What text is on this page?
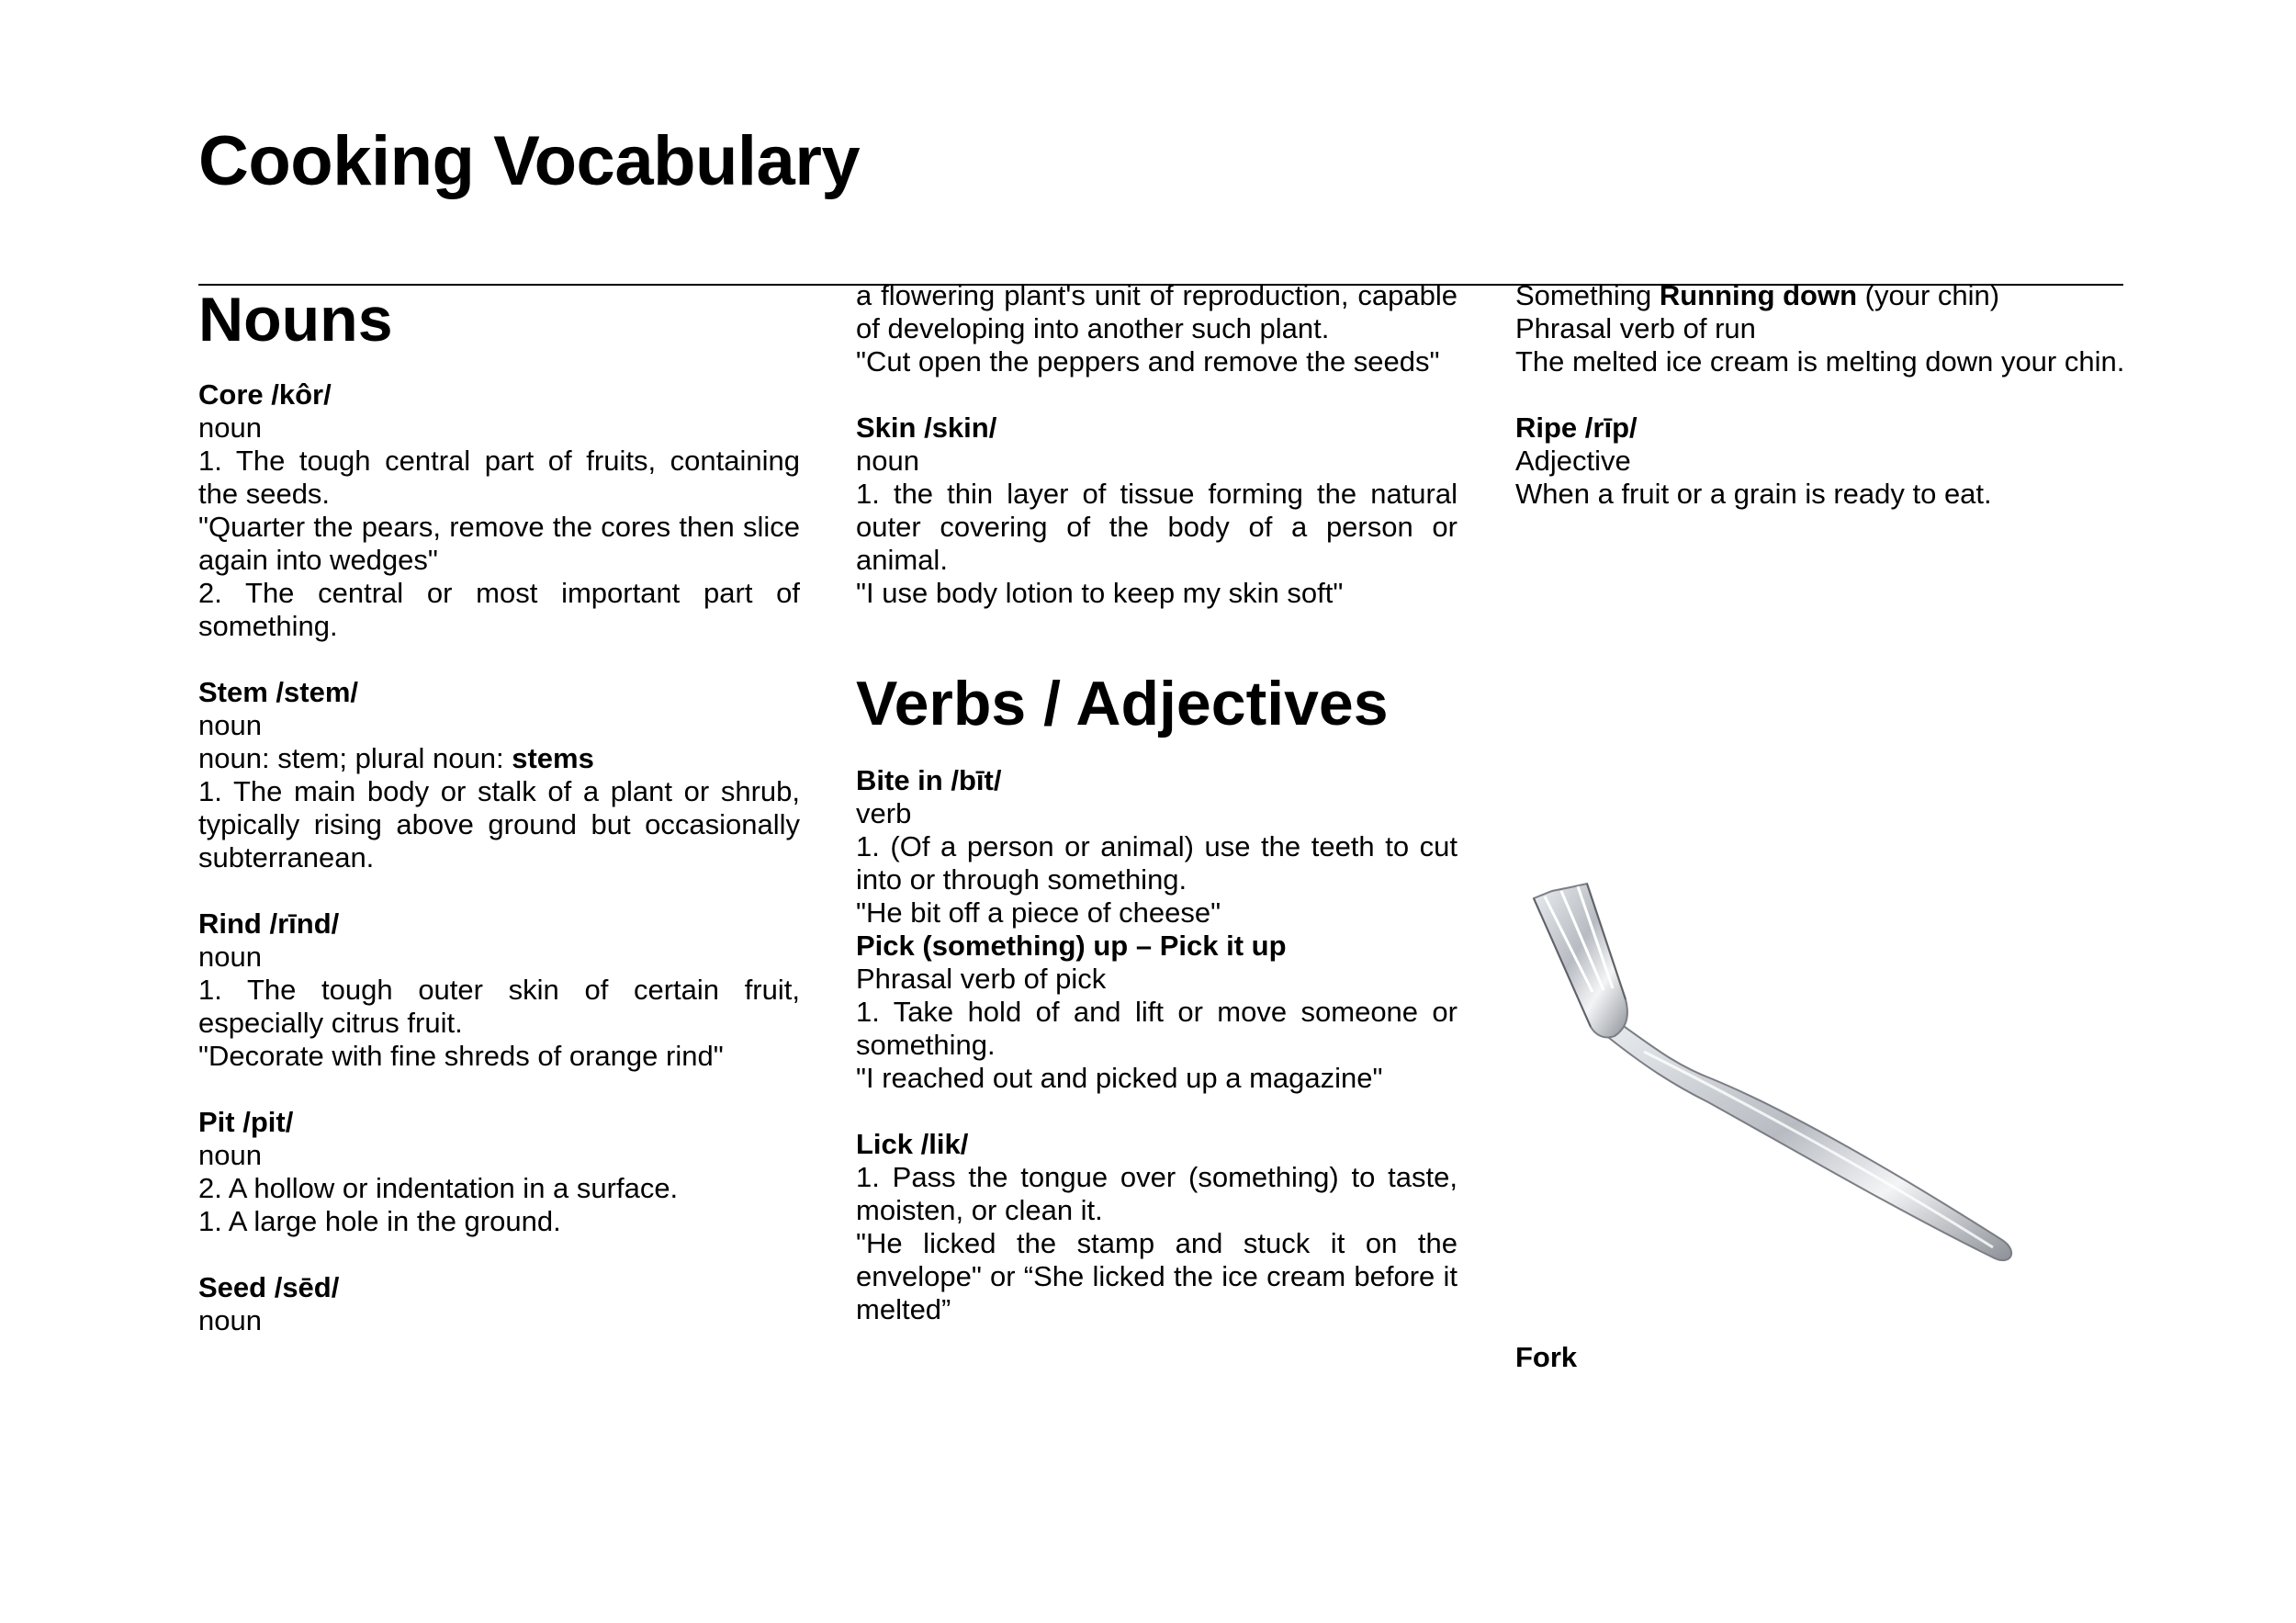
Cooking Vocabulary
Nouns

Core /kôr/

noun

1. The tough central part of fruits, containing the seeds.

"Quarter the pears, remove the cores then slice again into wedges"

2. The central or most important part of something.

Stem /stem/

noun

noun: stem; plural noun: stems

1. The main body or stalk of a plant or shrub, typically rising above ground but occasionally subterranean.

Rind /rīnd/

noun

1. The tough outer skin of certain fruit, especially citrus fruit.

"Decorate with fine shreds of orange rind"

Pit /pit/

noun

2. A hollow or indentation in a surface.

1. A large hole in the ground.

Seed /sēd/

noun

a flowering plant's unit of reproduction, capable of developing into another such plant.

"Cut open the peppers and remove the seeds"

Skin /skin/

noun

1. the thin layer of tissue forming the natural outer covering of the body of a person or animal.

"I use body lotion to keep my skin soft"

Verbs / Adjectives

Bite in /bīt/

verb

1. (Of a person or animal) use the teeth to cut into or through something.

"He bit off a piece of cheese"

Pick (something) up – Pick it up

Phrasal verb of pick

1. Take hold of and lift or move someone or something.

"I reached out and picked up a magazine"

Lick /lik/

1. Pass the tongue over (something) to taste, moisten, or clean it.

"He licked the stamp and stuck it on the envelope" or “She licked the ice cream before it melted”

Something Running down (your chin)

Phrasal verb of run

The melted ice cream is melting down your chin.

Ripe /rīp/

Adjective

When a fruit or a grain is ready to eat.

Fork
